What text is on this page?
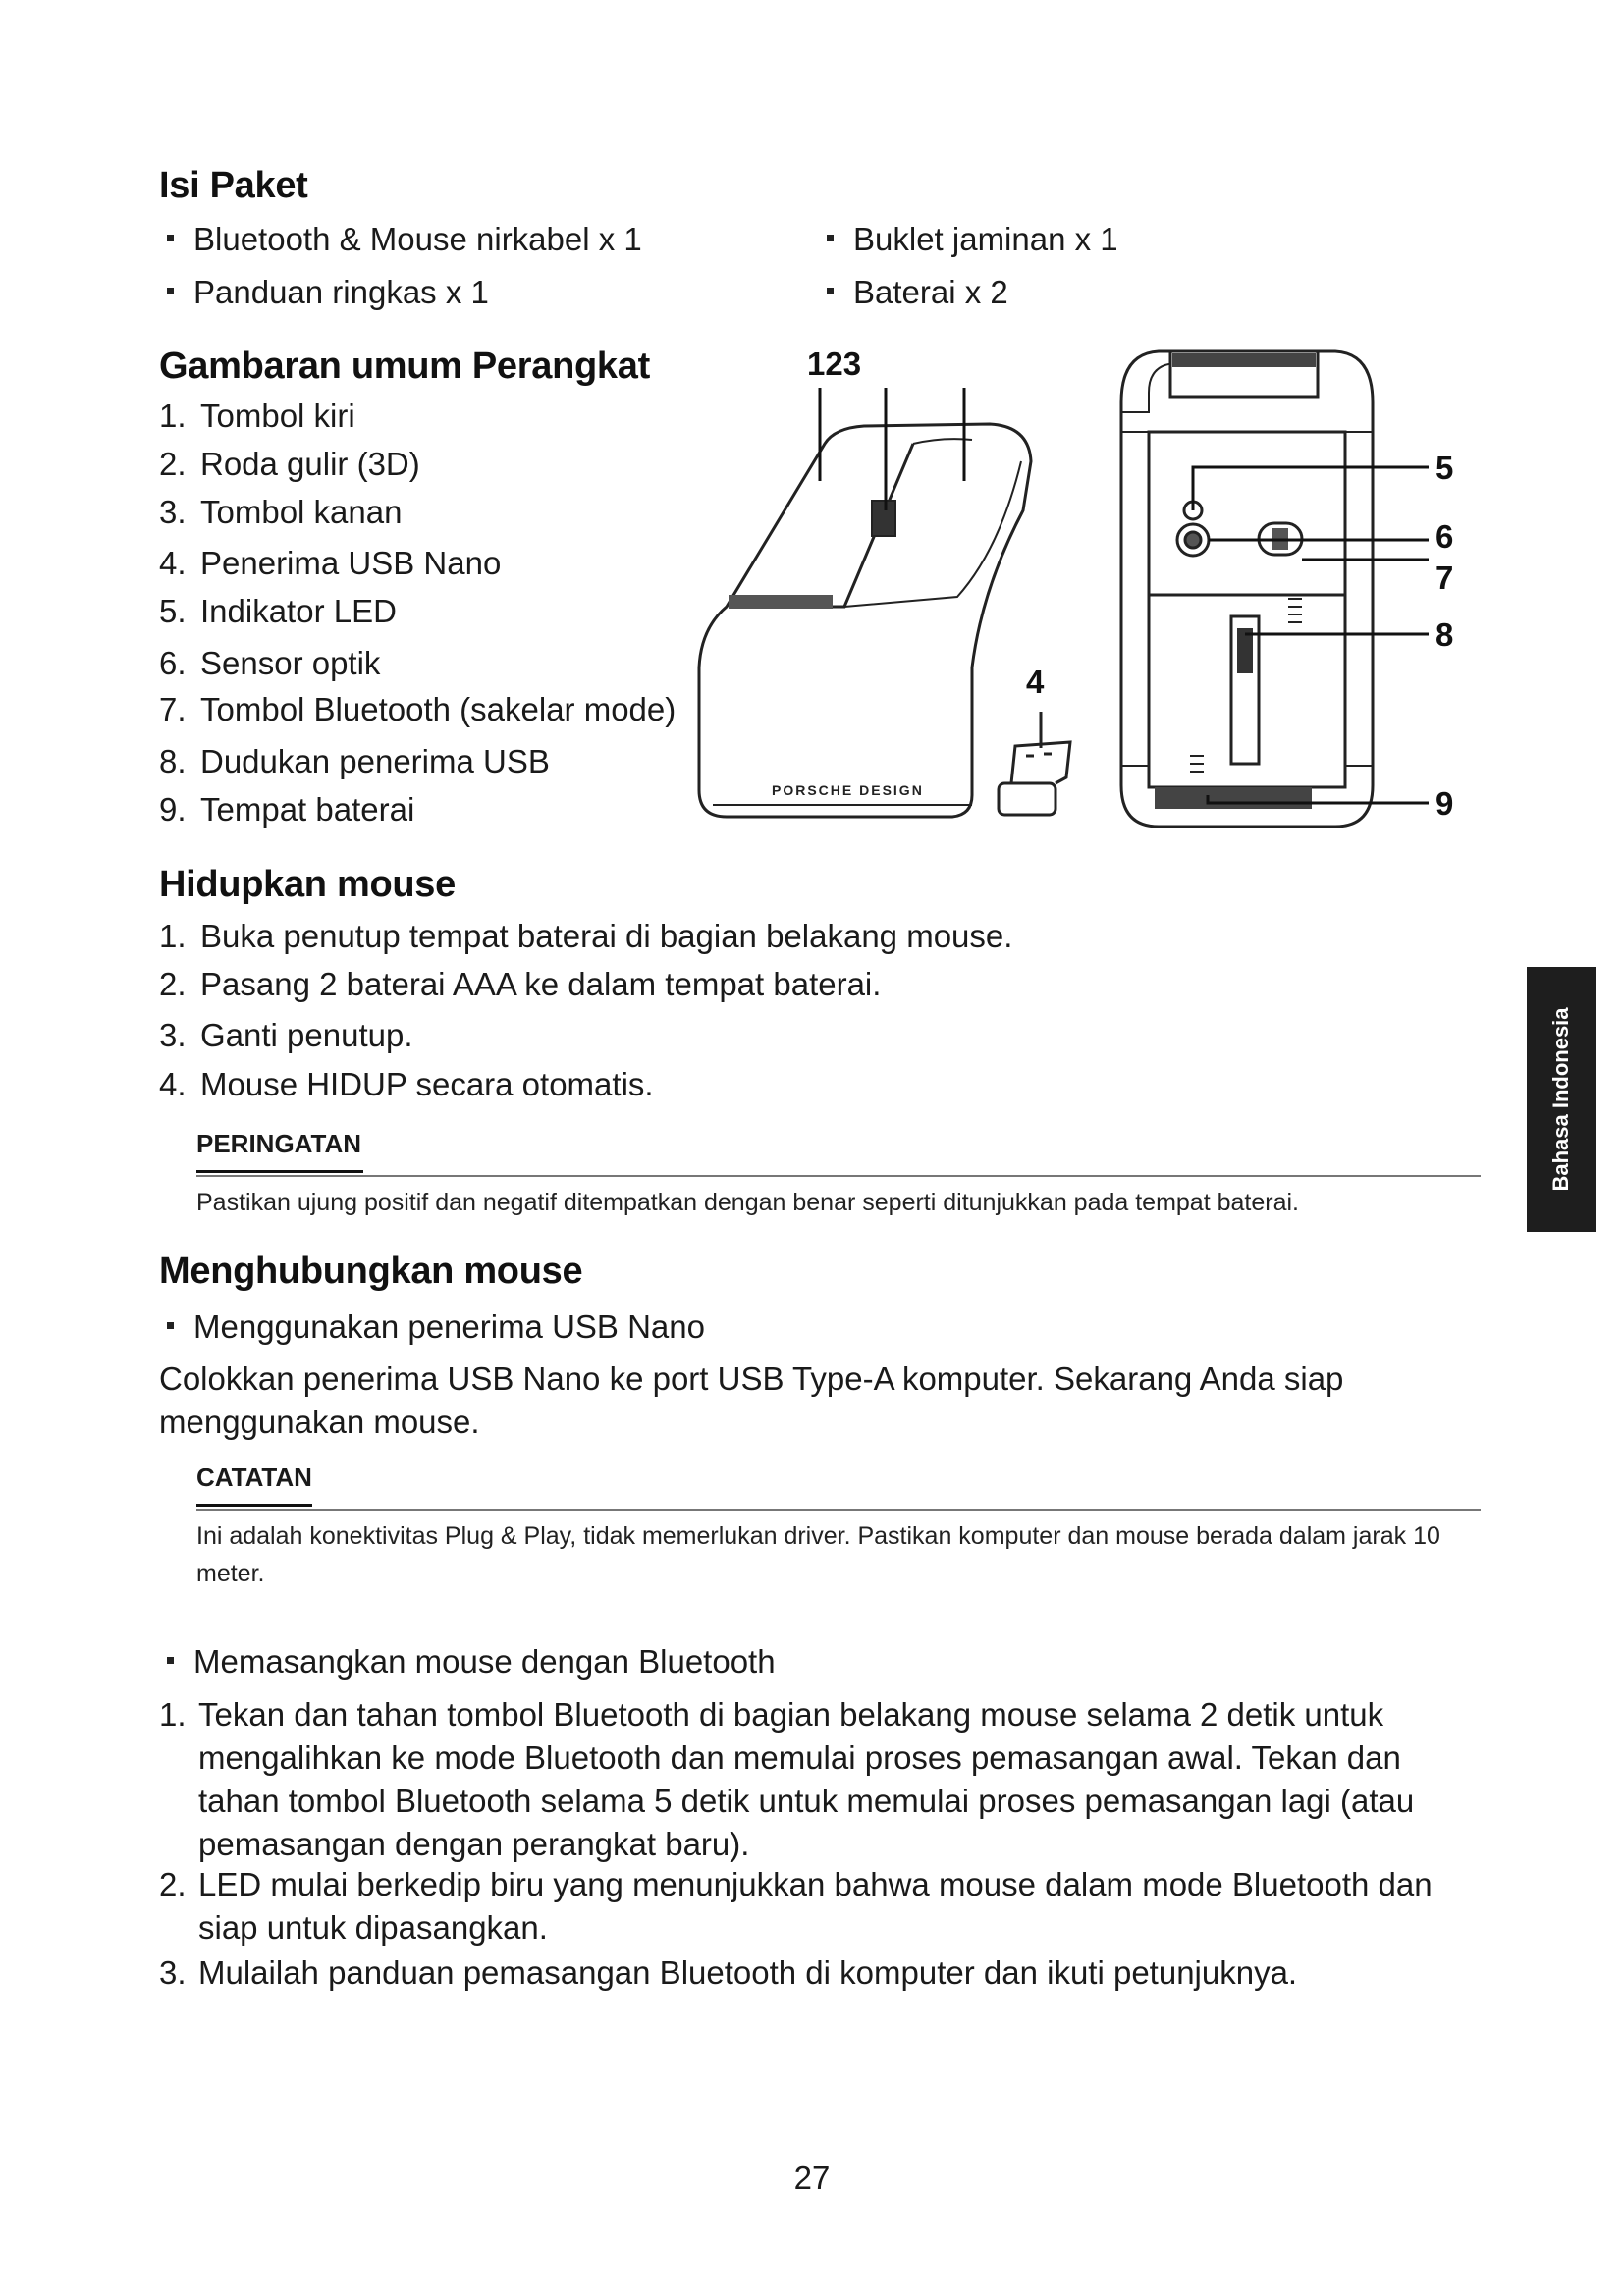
Isi Paket
Bluetooth & Mouse nirkabel x 1
Panduan ringkas x 1
Buklet jaminan x 1
Baterai x 2
Gambaran umum Perangkat
1. Tombol kiri
2. Roda gulir (3D)
3. Tombol kanan
4. Penerima USB Nano
5. Indikator LED
6. Sensor optik
7. Tombol Bluetooth (sakelar mode)
8. Dudukan penerima USB
9. Tempat baterai
PORSCHE DESIGN
123
4
5
6
7
8
9
Hidupkan mouse
1. Buka penutup tempat baterai di bagian belakang mouse.
2. Pasang 2 baterai AAA ke dalam tempat baterai.
3. Ganti penutup.
4. Mouse HIDUP secara otomatis.
PERINGATAN
Pastikan ujung positif dan negatif ditempatkan dengan benar seperti ditunjukkan pada tempat baterai.
Bahasa Indonesia
Menghubungkan mouse
Menggunakan penerima USB Nano
Colokkan penerima USB Nano ke port USB Type-A komputer. Sekarang Anda siap menggunakan mouse.
CATATAN
Ini adalah konektivitas Plug & Play, tidak memerlukan driver. Pastikan komputer dan mouse berada dalam jarak 10 meter.
Memasangkan mouse dengan Bluetooth
1. Tekan dan tahan tombol Bluetooth di bagian belakang mouse selama 2 detik untuk mengalihkan ke mode Bluetooth dan memulai proses pemasangan awal. Tekan dan tahan tombol Bluetooth selama 5 detik untuk memulai proses pemasangan lagi (atau pemasangan dengan perangkat baru).
2. LED mulai berkedip biru yang menunjukkan bahwa mouse dalam mode Bluetooth dan siap untuk dipasangkan.
3. Mulailah panduan pemasangan Bluetooth di komputer dan ikuti petunjuknya.
27
